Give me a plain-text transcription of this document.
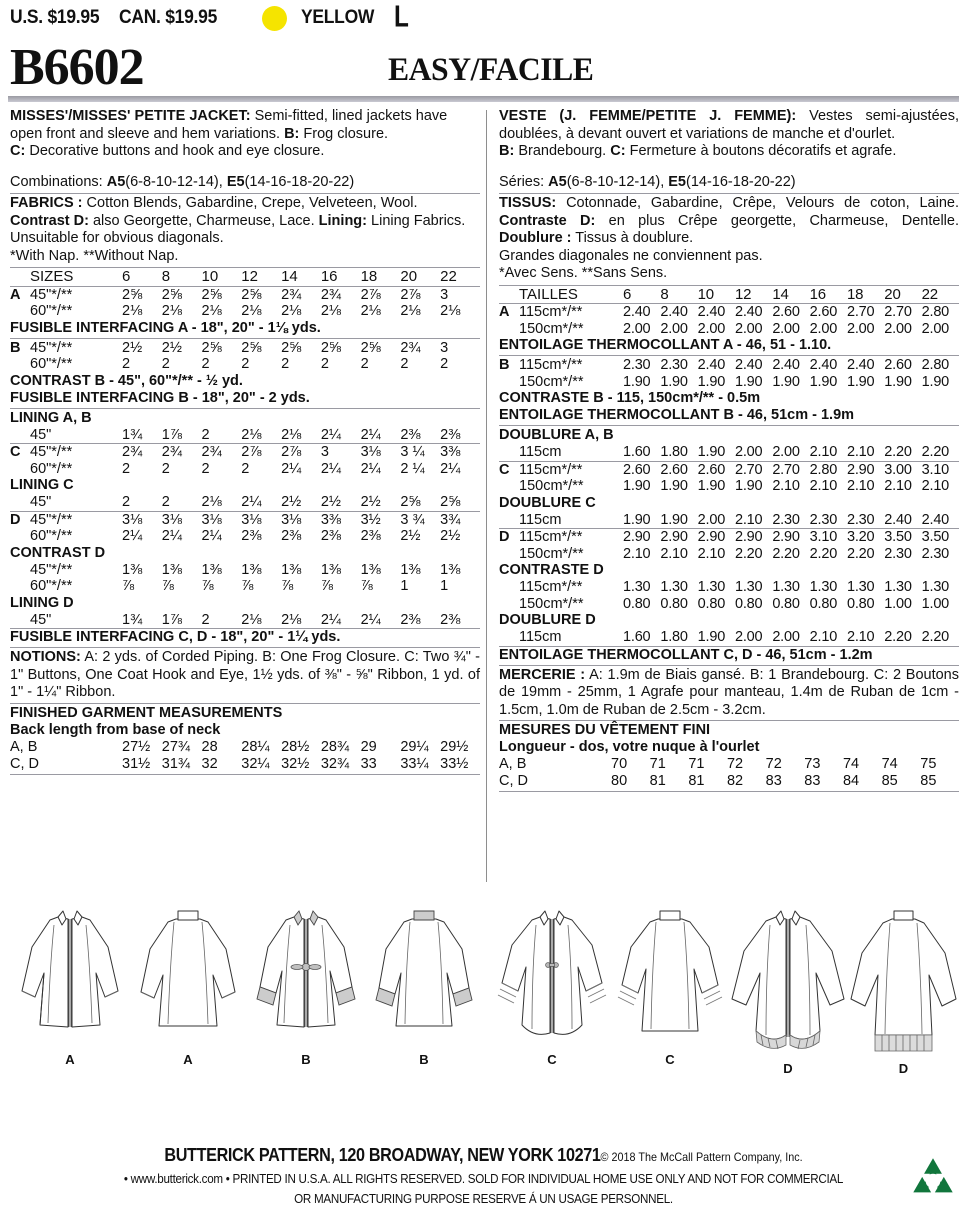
U.S. $19.95 CAN. $19.95	YELLOW L
B6602	EASY/FACILE

MISSES'/MISSES' PETITE JACKET: Semi-fitted, lined jackets have open front and sleeve and hem variations. B: Frog closure.
C: Decorative buttons and hook and eye closure.

Combinations: A5(6-8-10-12-14), E5(14-16-18-20-22)

FABRICS : Cotton Blends, Gabardine, Crepe, Velveteen, Wool. Contrast D: also Georgette, Charmeuse, Lace. Lining: Lining Fabrics.

Unsuitable for obvious diagonals.

*With Nap. **Without Nap.

	SIZES	6	8	10	12	14	16	18	20	22
A	45"*/**	2⅝	2⅝	2⅝	2⅝	2¾	2¾	2⅞	2⅞	3
	60"*/**	2⅛	2⅛	2⅛	2⅛	2⅛	2⅛	2⅛	2⅛	2⅛
FUSIBLE INTERFACING A - 18", 20" - 1⅛ yds.
B	45"*/**	2½	2½	2⅝	2⅝	2⅝	2⅝	2⅝	2¾	3
	60"*/**	2	2	2	2	2	2	2	2	2
CONTRAST B - 45", 60"*/** - ½ yd.
FUSIBLE INTERFACING B - 18", 20" - 2 yds.
LINING A, B
	45"	1¾	1⅞	2	2⅛	2⅛	2¼	2¼	2⅜	2⅜
C	45"*/**	2¾	2¾	2¾	2⅞	2⅞	3	3⅛	3 ¼	3⅜
	60"*/**	2	2	2	2	2¼	2¼	2¼	2 ¼	2¼
LINING C
	45"	2	2	2⅛	2¼	2½	2½	2½	2⅝	2⅝
D	45"*/**	3⅛	3⅛	3⅛	3⅛	3⅛	3⅜	3½	3 ¾	3¾
	60"*/**	2¼	2¼	2¼	2⅜	2⅜	2⅜	2⅜	2½	2½
CONTRAST D
	45"*/**	1⅜	1⅜	1⅜	1⅜	1⅜	1⅜	1⅜	1⅜	1⅜
	60"*/**	⅞	⅞	⅞	⅞	⅞	⅞	⅞	1	1
LINING D
	45"	1¾	1⅞	2	2⅛	2⅛	2¼	2¼	2⅜	2⅜
FUSIBLE INTERFACING C, D - 18", 20" - 1¼ yds.

NOTIONS: A: 2 yds. of Corded Piping. B: One Frog Closure. C: Two ¾" - 1" Buttons, One Coat Hook and Eye, 1½ yds. of ⅜" - ⅝" Ribbon, 1 yd. of 1" - 1¼" Ribbon.

FINISHED GARMENT MEASUREMENTS
Back length from base of neck
A, B	27½	27¾	28	28¼	28½	28¾	29	29¼	29½
C, D	31½	31¾	32	32¼	32½	32¾	33	33¼	33½

VESTE (J. FEMME/PETITE J. FEMME): Vestes semi-ajustées, doublées, à devant ouvert et variations de manche et d'ourlet.
B: Brandebourg. C: Fermeture à boutons décoratifs et agrafe.

Séries: A5(6-8-10-12-14), E5(14-16-18-20-22)

TISSUS: Cotonnade, Gabardine, Crêpe, Velours de coton, Laine. Contraste D: en plus Crêpe georgette, Charmeuse, Dentelle. Doublure : Tissus à doublure.

Grandes diagonales ne conviennent pas.

*Avec Sens. **Sans Sens.

	TAILLES	6	8	10	12	14	16	18	20	22
A	115cm*/**	2.40	2.40	2.40	2.40	2.60	2.60	2.70	2.70	2.80
	150cm*/**	2.00	2.00	2.00	2.00	2.00	2.00	2.00	2.00	2.00
ENTOILAGE THERMOCOLLANT A - 46, 51 - 1.10.
B	115cm*/**	2.30	2.30	2.40	2.40	2.40	2.40	2.40	2.60	2.80
	150cm*/**	1.90	1.90	1.90	1.90	1.90	1.90	1.90	1.90	1.90
CONTRASTE B - 115, 150cm*/** - 0.5m
ENTOILAGE THERMOCOLLANT B - 46, 51cm - 1.9m
DOUBLURE A, B
	115cm	1.60	1.80	1.90	2.00	2.00	2.10	2.10	2.20	2.20
C	115cm*/**	2.60	2.60	2.60	2.70	2.70	2.80	2.90	3.00	3.10
	150cm*/**	1.90	1.90	1.90	1.90	2.10	2.10	2.10	2.10	2.10
DOUBLURE C
	115cm	1.90	1.90	2.00	2.10	2.30	2.30	2.30	2.40	2.40
D	115cm*/**	2.90	2.90	2.90	2.90	2.90	3.10	3.20	3.50	3.50
	150cm*/**	2.10	2.10	2.10	2.20	2.20	2.20	2.20	2.30	2.30
CONTRASTE D
	115cm*/**	1.30	1.30	1.30	1.30	1.30	1.30	1.30	1.30	1.30
	150cm*/**	0.80	0.80	0.80	0.80	0.80	0.80	0.80	1.00	1.00
DOUBLURE D
	115cm	1.60	1.80	1.90	2.00	2.00	2.10	2.10	2.20	2.20
ENTOILAGE THERMOCOLLANT C, D - 46, 51cm - 1.2m

MERCERIE : A: 1.9m de Biais gansé. B: 1 Brandebourg. C: 2 Boutons de 19mm - 25mm, 1 Agrafe pour manteau, 1.4m de Ruban de 1cm - 1.5cm, 1.0m de Ruban de 2.5cm - 3.2cm.

MESURES DU VÊTEMENT FINI
Longueur - dos, votre nuque à l'ourlet
A, B	70	71	71	72	72	73	74	74	75
C, D	80	81	81	82	83	83	84	85	85
A	A	B	B	C	C
D	D
BUTTERICK PATTERN, 120 BROADWAY, NEW YORK 10271© 2018 The McCall Pattern Company, Inc.
• www.butterick.com • PRINTED IN U.S.A. ALL RIGHTS RESERVED. SOLD FOR INDIVIDUAL HOME USE ONLY AND NOT FOR COMMERCIAL
OR MANUFACTURING PURPOSE RESERVE Á UN USAGE PERSONNEL.
